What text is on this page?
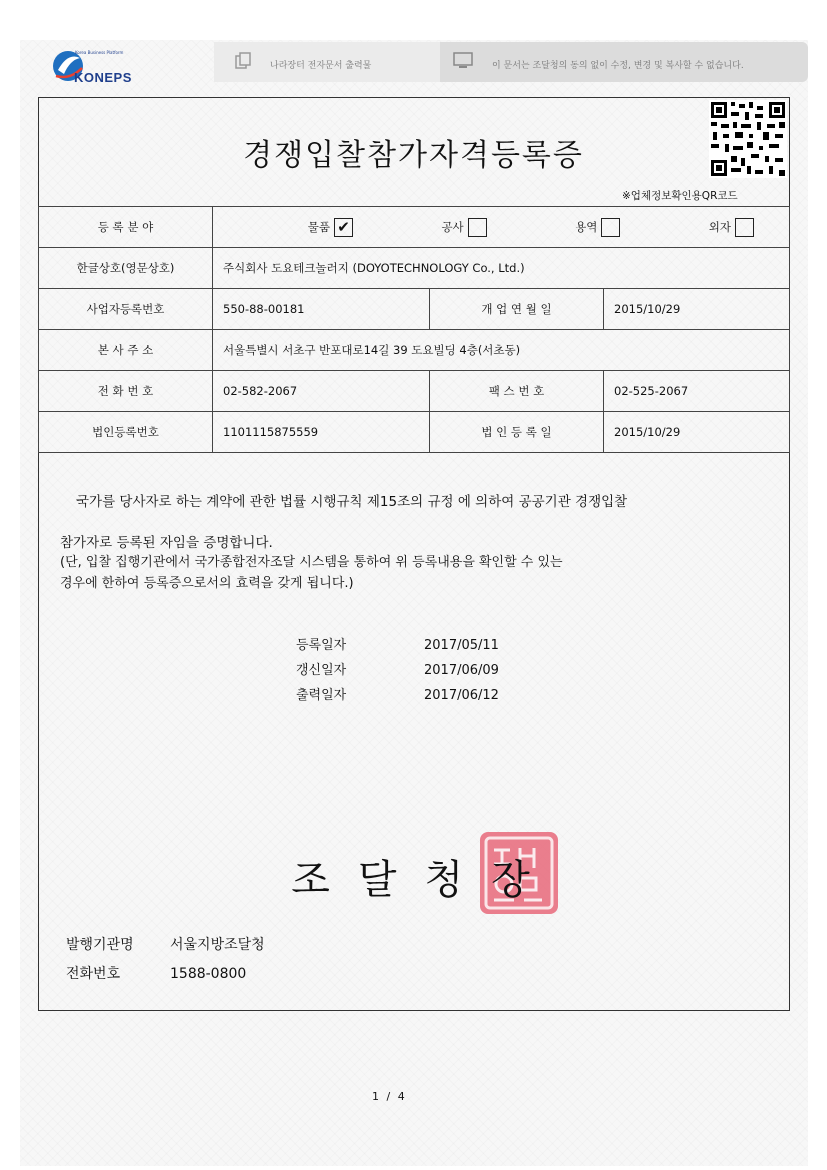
Korea Business Platform
KONEPS
나라장터 전자문서 출력물	이 문서는 조달청의 동의 없이 수정, 변경 및 복사할 수 없습니다.
경쟁입찰참가자격등록증
※업체정보확인용QR코드
등 록 분 야	물품 ✔ 공사 용역 외자		
한글상호(영문상호)	주식회사 도요테크놀러지 (DOYOTECHNOLOGY Co., Ltd.)		
사업자등록번호	550-88-00181	개 업 연 월 일	2015/10/29
본 사 주 소	서울특별시 서초구 반포대로14길 39 도요빌딩 4층(서초동)		
전 화 번 호	02-582-2067	팩 스 번 호	02-525-2067
법인등록번호	1101115875559	법 인 등 록 일	2015/10/29
국가를 당사자로 하는 계약에 관한 법률 시행규칙 제15조의 규정 에 의하여 공공기관 경쟁입찰
참가자로 등록된 자임을 증명합니다.
(단, 입찰 집행기관에서 국가종합전자조달 시스템을 통하여 위 등록내용을 확인할 수 있는
경우에 한하여 등록증으로서의 효력을 갖게 됩니다.)
등록일자	2017/05/11
갱신일자	2017/06/09
출력일자	2017/06/12
조달청장
발행기관명	서울지방조달청
전화번호	1588-0800
1 / 4
